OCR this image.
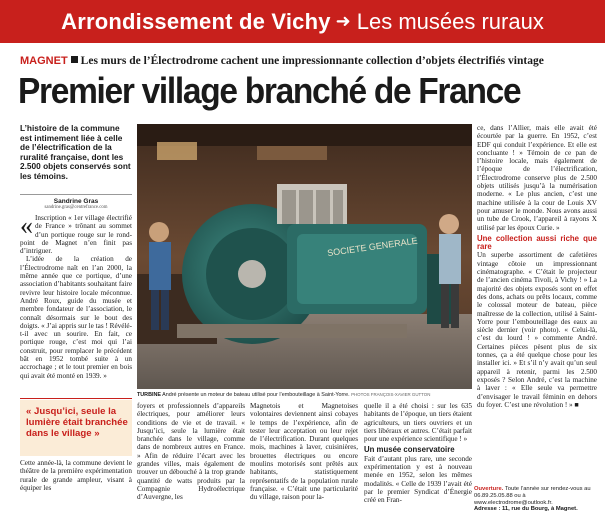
Arrondissement de Vichy ➜ Les musées ruraux
MAGNET Les murs de l’Électrodrome cachent une impressionnante collection d’objets électrifiés vintage
Premier village branché de France
L’histoire de la commune est intimement liée à celle de l’électrification de la ruralité française, dont les 2.500 objets conservés sont les témoins.
Sandrine Gras
sandrine.gras@centrefrance.com
« Inscription « 1er village électrifié de France » trônant au sommet d’un portique rouge sur le rond-point de Magnet n’en finit pas d’intriguer.
L’idée de la création de l’Électrodrome naît en l’an 2000, la même année que ce portique, d’une association d’habitants souhaitant faire revivre leur histoire locale méconnue. André Roux, guide du musée et membre fondateur de l’association, le connaît désormais sur le bout des doigts. « J’ai appris sur le tas ! Révélé-t-il avec un sourire. En fait, ce portique rouge, c’est moi qui l’ai construit, pour remplacer le précédent bât en 1952 tombé suite à un accrochage ; et le tout premier en bois qui avait été monté en 1939. »
« Jusqu’ici, seule la lumière était branchée dans le village »
Cette année-là, la commune devient le théâtre de la première expérimentation rurale de grande ampleur, visant à équiper les
SOCIETE GENERALE
TURBINE André présente un moteur de bateau utilisé pour l’embouteillage à Saint-Yorre. PHOTOS FRANÇOIS-XAVIER GUTTON
foyers et professionnels d’appareils électriques, pour améliorer leurs conditions de vie et de travail. « Jusqu’ici, seule la lumière était branchée dans le village, comme dans de nombreux autres en France. » Afin de réduire l’écart avec les grandes villes, mais également de trouver un débouché à la trop grande quantité de watts produits par la Compagnie Hydroélectrique d’Auvergne, les
Magnetois et Magnetoises volontaires deviennent ainsi cobayes le temps de l’expérience, afin de tester leur acceptation ou leur rejet de l’électrification. Durant quelques mois, machines à laver, cuisinières, brouettes électriques ou encore moulins motorisés sont prêtés aux habitants, statistiquement représentatifs de la population rurale française. « C’était une particularité du village, raison pour la-
quelle il a été choisi : sur les 635 habitants de l’époque, un tiers étaient agriculteurs, un tiers ouvriers et un tiers libéraux et autres. C’était parfait pour une expérience scientifique ! »
Un musée conservatoire
Fait d’autant plus rare, une seconde expérimentation y est à nouveau menée en 1952, selon les mêmes modalités. « Celle de 1939 l’avait été par le premier Syndicat d’Énergie créé en Fran-
ce, dans l’Allier, mais elle avait été écourtée par la guerre. En 1952, c’est EDF qui conduit l’expérience. Et elle est concluante ! » Témoin de ce pan de l’histoire locale, mais également de l’époque de l’électrification, l’Électrodrome conserve plus de 2.500 objets utilisés jusqu’à la numérisation moderne. « Le plus ancien, c’est une machine utilisée à la cour de Louis XV pour amuser le monde. Nous avons aussi un tube de Crook, l’appareil à rayons X utilisé par les époux Curie. »
Une collection aussi riche que rare
Un superbe assortiment de cafetières vintage côtoie un impressionnant cinématographe. « C’était le projecteur de l’ancien cinéma Tivoli, à Vichy ! » La majorité des objets exposés sont en effet des dons, achats ou prêts locaux, comme le colossal moteur de bateau, pièce maîtresse de la collection, utilisé à Saint-Yorre pour l’embouteillage des eaux au siècle dernier (voir photo). « Celui-là, c’est du lourd ! » commente André. Certaines pièces pèsent plus de six tonnes, ça a été quelque chose pour les installer ici. » Et s’il n’y avait qu’un seul appareil à retenir, parmi les 2.500 exposés ? Selon André, c’est la machine à laver : « Elle seule va permettre d’envisager le travail féminin en dehors du foyer. C’est une révolution ! » ■
Ouverture. Toute l’année sur rendez-vous au 06.89.25.05.88 ou à www.electrodrome@outlook.fr.
Adresse : 11, rue du Bourg, à Magnet.
